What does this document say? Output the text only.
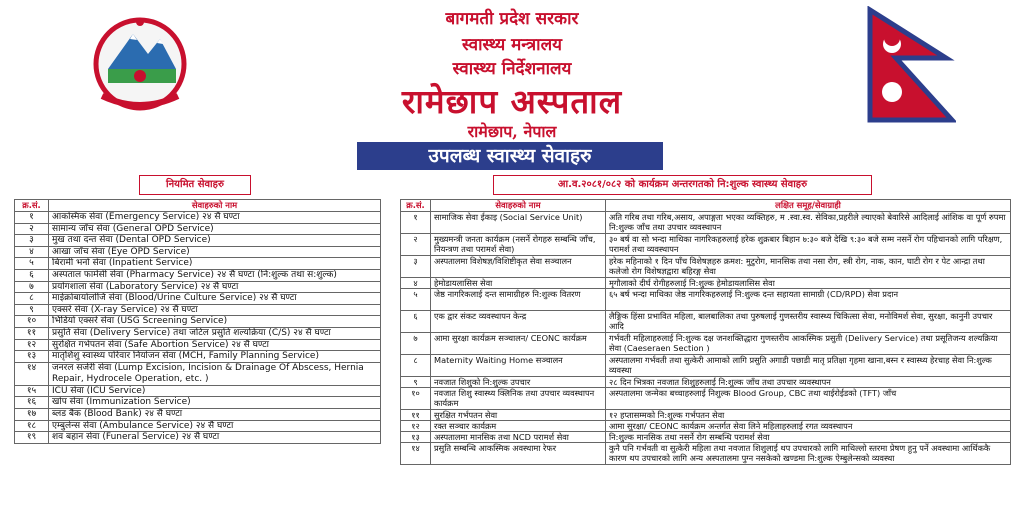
बागमती प्रदेश सरकार
स्वास्थ्य मन्त्रालय
स्वास्थ्य निर्देशनालय
रामेछाप अस्पताल
रामेछाप, नेपाल
उपलब्ध स्वास्थ्य सेवाहरु
नियमित सेवाहरु	आ.व.२०८१/०८२ को कार्यक्रम अन्तरगतको नि:शुल्क स्वास्थ्य सेवाहरु
क्र.सं.	सेवाहरुको नाम
१	आकस्मिक सेवा (Emergency Service) २४ सै घण्टा
२	सामान्य जाँच सेवा (General OPD Service)
३	मुख तथा दन्त सेवा (Dental OPD Service)
४	आखा जाँच सेवा (Eye OPD Service)
५	बिरामी भर्ना सेवा (Inpatient Service)
६	अस्पताल फार्मेसी सेवा (Pharmacy Service) २४ सै घण्टा (नि:शुल्क तथा स:शुल्क)
७	प्रयोगशाला सेवा (Laboratory Service) २४ सै घण्टा
८	माईक्रोबायोलोजि सेवा (Blood/Urine Culture Service) २४ सै घण्टा
९	एक्सरे सेवा (X-ray Service) २४ सै घण्टा
१०	भिडियो एक्सरे सेवा (USG Screening Service)
११	प्रसुति सेवा (Delivery Service) तथा जटिल प्रसुति शल्यक्रिया (C/S) २४ सै घण्टा
१२	सुरक्षित गर्भपतन सेवा (Safe Abortion Service) २४ सै घण्टा
१३	मातृशिशु स्वास्थ्य परिवार नियोजन सेवा (MCH, Family Planning Service)
१४	जनरल सर्जरी सेवा (Lump Excision, Incision & Drainage Of Abscess, Hernia Repair, Hydrocele Operation, etc. )
१५	ICU सेवा (ICU Service)
१६	खोप सेवा (Immunization Service)
१७	ब्लड बैंक (Blood Bank) २४ सै घण्टा
१८	एम्बुलेन्स सेवा (Ambulance Service) २४ सै घण्टा
१९	शव बहान सेवा (Funeral Service) २४ सै घण्टा
क्र.सं.	सेवाहरुको नाम	लक्षित समूह/सेवाग्राही
१	सामाजिक सेवा ईकाइ (Social Service Unit)	अति गरिब तथा गरिब,असाय, अपाङ्गता भएका व्यक्तिहरु, म .स्वा.स्व. सेविका,प्रहरीले ल्याएको बेवारिसे आदिलाई आंशिक वा पूर्ण रुपमा नि:शुल्क जाँच तथा उपचार व्यवस्थापन
२	मुख्यमन्त्री जनता कार्यक्रम (नसर्ने रोगहरु सम्बन्धि जाँच, नियन्त्रण तथा परामर्श सेवा)	३० बर्ष वा सो भन्दा माथिका नागरिकहरुलाई हरेक शुक्रबार बिहान ७:३० बजे देखि ९:३० बजे सम्म नसर्ने रोग पहिचानको लागि परिक्षण, परामर्श तथा व्यवस्थापन
३	अस्पतालमा विशेषज्ञ/विशिष्टीकृत सेवा सञ्चालन	हरेक महिनाको १ दिन पाँच विशेषज्ञहरु क्रमश: मुटुरोग, मानसिक तथा नसा रोग, स्त्री रोग, नाक, कान, घाटी रोग र पेट आन्द्रा तथा कलेजो रोग विशेषज्ञद्वारा बहिरङ्ग सेवा
४	हेमोडायलासिस सेवा	मृगौलाको दीर्घ रोगीहरुलाई नि:शुल्क हेमोडायलासिस सेवा
५	जेष्ठ नागरिकलाई दन्त सामाग्रीहरु नि:शुल्क वितरण	६५ बर्ष भन्दा माथिका जेष्ठ नागरिकहरुलाई नि:शुल्क दन्त सहायता सामाग्री (CD/RPD) सेवा प्रदान
६	एक द्वार संकट व्यवस्थापन केन्द्र	लैङ्गिक हिंसा प्रभावित महिला, बालबालिका तथा पुरुषलाई गुणस्तरीय स्वास्थ्य चिकित्सा सेवा, मनोविमर्श सेवा, सुरक्षा, कानुनी उपचार आदि
७	आमा सुरक्षा कार्यक्रम सञ्चालन/ CEONC कार्यक्रम	गर्भवती महिलाहरुलाई नि:शुल्क दक्ष जनशक्तिद्धारा गुणस्तरीय आकस्मिक प्रसुती (Delivery Service) तथा प्रसूतिजन्य शल्यक्रिया सेवा (Caeseraen Section )
८	Maternity Waiting Home सञ्चालन	अस्पतालमा गर्भवती तथा सुत्केरी आमाको लागि प्रसुति अगाडी पछाडी मातृ प्रतिक्षा गृहमा खाना,बस्न र स्वास्थ्य हेरचाह सेवा नि:शुल्क व्यवस्था
९	नवजात शिशुको नि:शुल्क उपचार	२८ दिन भित्रका नवजात शिशुहरुलाई नि:शुल्क जाँच तथा उपचार व्यवस्थापन
१०	नवजात शिशु स्वास्थ्य क्लिनिक तथा उपचार व्यवस्थापन कार्यक्रम	अस्पतालमा जन्मेका बच्चाहरुलाई निशुल्क Blood Group, CBC तथा थाईरोईडको (TFT) जाँच
११	सुरक्षित गर्भपतन सेवा	१२ हप्तासम्मको नि:शुल्क गर्भपतन सेवा
१२	रक्त सञ्चार कार्यक्रम	आमा सुरक्षा/ CEONC कार्यक्रम अन्तर्गत सेवा लिने महिलाहरुलाई रगत व्यवस्थापन
१३	अस्पतालमा मानसिक तथा NCD परामर्श सेवा	नि:शुल्क मानसिक तथा नसर्ने रोग सम्बन्धि परामर्श सेवा
१४	प्रसुति सम्बन्धि आकस्मिक अवस्थामा रेफर	कुनै पनि गर्भवती वा सुत्केरी महिला तथा नवजात शिशुलाई थप उपचारको लागि माथिल्लो स्तरमा प्रेषण हुनु पर्ने अवस्थामा आर्थिककै कारण थप उपचारको लागि अन्य अस्पतालमा पुग्न नसकेको खण्डमा नि:शुल्क ऐम्बुलेन्सको व्यवस्था
